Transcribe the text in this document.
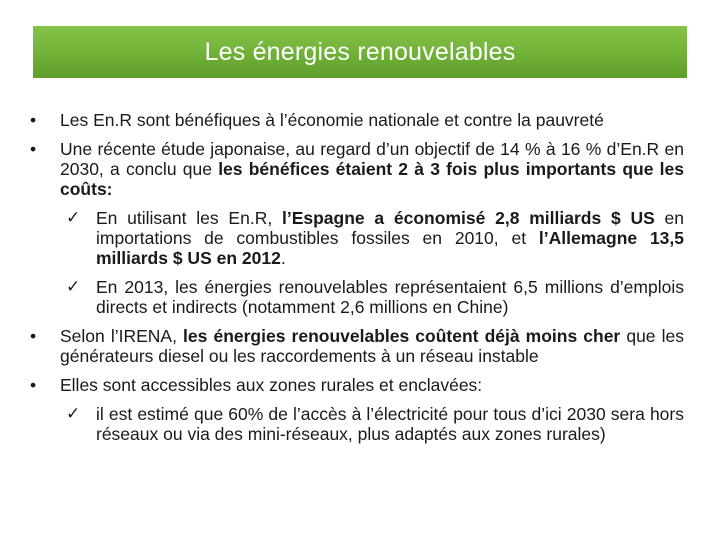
Les énergies renouvelables
•	Les En.R sont bénéfiques à l’économie nationale et contre la pauvreté
•	Une récente étude japonaise, au regard d’un objectif de 14 % à 16 % d’En.R en 2030, a conclu que les bénéfices étaient 2 à 3 fois plus importants que les coûts:
✓ En utilisant les En.R, l’Espagne a économisé 2,8 milliards $ US en importations de combustibles fossiles en 2010, et l’Allemagne 13,5 milliards $ US en 2012.
✓ En 2013, les énergies renouvelables représentaient 6,5 millions d’emplois directs et indirects (notamment 2,6 millions en Chine)
•	Selon l’IRENA, les énergies renouvelables coûtent déjà moins cher que les générateurs diesel ou les raccordements à un réseau instable
•	Elles sont accessibles aux zones rurales et enclavées:
✓ il est estimé que 60% de l’accès à l’électricité pour tous d’ici 2030 sera hors réseaux ou via des mini-réseaux, plus adaptés aux zones rurales)
